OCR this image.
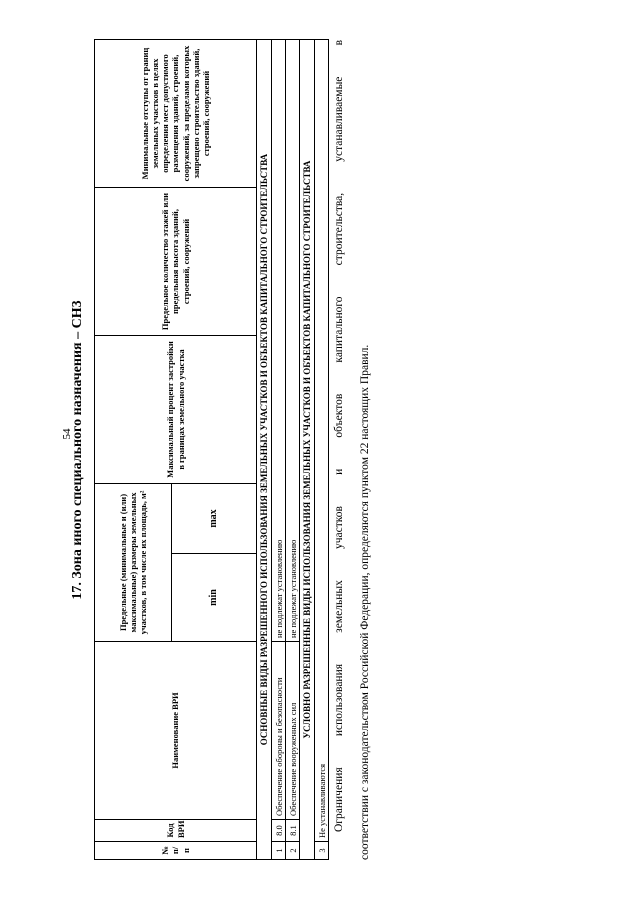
54
17. Зона иного специального назначения – СН3
№ п/п	Код ВРИ	Наименование ВРИ	Предельные (минимальные и (или) максимальные) размеры земельных участков, в том числе их площадь, м²		Максимальный процент застройки в границах земельного участка	Предельное количество этажей или предельная высота зданий, строений, сооружений	Минимальные отступы от границ земельных участков в целях определения мест допустимого размещения зданий, строений, сооружений, за пределами которых запрещено строительство зданий, строений, сооружений
			min	max			
ОСНОВНЫЕ ВИДЫ РАЗРЕШЕННОГО ИСПОЛЬЗОВАНИЯ ЗЕМЕЛЬНЫХ УЧАСТКОВ И ОБЪЕКТОВ КАПИТАЛЬНОГО СТРОИТЕЛЬСТВА							
1	8.0	Обеспечение обороны и безопасности	не подлежат установлению				
2	8.1	Обеспечение вооруженных сил	не подлежат установлению				
УСЛОВНО РАЗРЕШЕННЫЕ ВИДЫ ИСПОЛЬЗОВАНИЯ ЗЕМЕЛЬНЫХ УЧАСТКОВ И ОБЪЕКТОВ КАПИТАЛЬНОГО СТРОИТЕЛЬСТВА							
3	Не устанавливаются						Ограничения использования земельных участков и объектов капитального строительства, устанавливаемые в соответствии с законодательством Российской Федерации, определяются пунктом 22 настоящих Правил.
